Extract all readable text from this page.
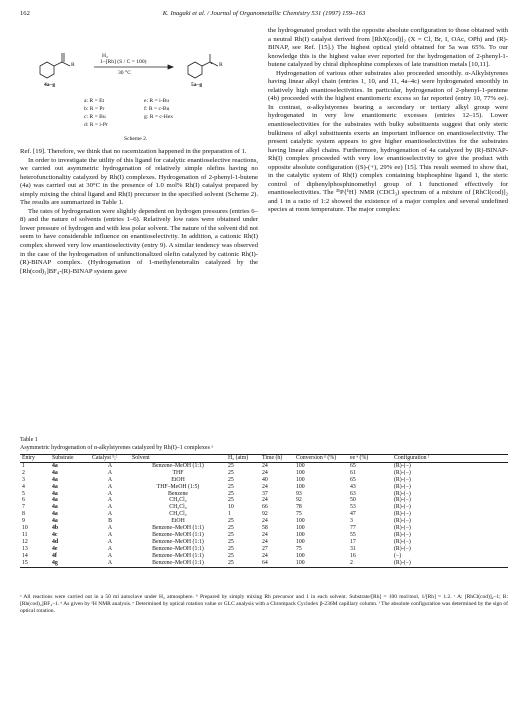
162	K. Inagaki et al. / Journal of Organometallic Chemistry 531 (1997) 159–163
R
4a–g
H₂
1–[Rh] (S / C = 100)
30 °C
R
5a–g
a: R = Et
b: R = Pr
c: R = Bu
d: R = i-Pr
e: R = i-Bu
f: R = c-Bu
g: R = c-Hex
Scheme 2.

the hydrogenated product with the opposite absolute configuration to those obtained with a neutral Rh(I) catalyst derived from [RhX(cod)]₂ (X = Cl, Br, I, OAc, OPh) and (R)-BINAP, see Ref. [15].) The highest optical yield obtained for 5a was 65%. To our knowledge this is the highest value ever reported for the hydrogenation of 2-phenyl-1-butene catalyzed by chiral diphosphine complexes of late transition metals [10,11].

Hydrogenation of various other substrates also proceeded smoothly. α-Alkylstyrenes having linear alkyl chain (entries 1, 10, and 11, 4a–4c) were hydrogenated smoothly in relatively high enantioselectivities. In particular, hydrogenation of 2-phenyl-1-pentene (4b) proceeded with the highest enantiomeric excess so far reported (entry 10, 77% ee). In contrast, α-alkylstyrenes bearing a secondary or tertiary alkyl group were hydrogenated in very low enantiomeric excesses (entries 12–15). Lower enantioselectivities for the substrates with bulky substituents suggest that only steric bulkiness of alkyl substituents exerts an important influence on enantioselectivity. The present catalytic system appears to give higher enantioselectivities for the substrates having linear alkyl chains. Furthermore, hydrogenation of 4a catalyzed by (R)-BINAP-Rh(I) complex proceeded with very low enantioselectivity to give the product with opposite absolute configuration ((S)-(+), 29% ee) [15]. This result seemed to show that, in the catalytic system of Rh(I) complex containing bisphosphine ligand 1, the steric control of diphenylphosphinomethyl group of 1 functioned effectively for enantioselectivities. The ³¹P{¹H} NMR (CDCl₃) spectrum of a mixture of [RhCl(cod)]₂ and 1 in a ratio of 1:2 showed the existence of a major complex and several undefined species at room temperature. The major complex:

Ref. [19]. Therefore, we think that no racemization happened in the preparation of 1.

In order to investigate the utility of this ligand for catalytic enantioselective reactions, we carried out asymmetric hydrogenation of relatively simple olefins having no heterofunctionality catalyzed by Rh(I) complexes. Hydrogenation of 2-phenyl-1-butene (4a) was carried out at 30°C in the presence of 1.0 mol% Rh(I) catalyst prepared by simply mixing the chiral ligand and Rh(I) precursor in the specified solvent (Scheme 2). The results are summarized in Table 1.

The rates of hydrogenation were slightly dependent on hydrogen pressures (entries 6–8) and the nature of solvents (entries 1–6). Relatively low rates were obtained under lower pressure of hydrogen and with less polar solvent. The nature of the solvent did not seem to have considerable influence on enantioselectivity. In addition, a cationic Rh(I) complex showed very low enantioselectivity (entry 9). A similar tendency was observed in the case of the hydrogenation of unfunctionalized olefin catalyzed by cationic Rh(I)-(R)-BINAP complex. (Hydrogenation of 1-methyleneteralin catalyzed by the [Rh(cod)₂]BF₄-(R)-BINAP system gave

Table 1
Asymmetric hydrogenation of α-alkylstyrenes catalyzed by Rh(I)–1 complexes ᵃ
Entry	Substrate	Catalyst ᵇ,ᶜ	Solvent	H₂ (atm)	Time (h)	Conversion ᵈ (%)	ee ᵉ (%)	Configuration ᶠ
1	4a	A	Benzene–MeOH (1:1)	25	24	100	65	(R)-(−)
2	4a	A	THF	25	24	100	61	(R)-(−)
3	4a	A	EtOH	25	40	100	65	(R)-(−)
4	4a	A	THF–MeOH (1:5)	25	24	100	43	(R)-(−)
5	4a	A	Benzene	25	37	93	63	(R)-(−)
6	4a	A	CH₂Cl₂	25	24	92	50	(R)-(−)
7	4a	A	CH₂Cl₂	10	66	78	53	(R)-(−)
8	4a	A	CH₂Cl₂	1	92	75	47	(R)-(−)
9	4a	B	EtOH	25	24	100	3	(R)-(−)
10	4b	A	Benzene–MeOH (1:1)	25	58	100	77	(R)-(−)
11	4c	A	Benzene–MeOH (1:1)	25	24	100	55	(R)-(−)
12	4d	A	Benzene–MeOH (1:1)	25	24	100	17	(R)-(−)
13	4e	A	Benzene–MeOH (1:1)	25	27	75	31	(R)-(−)
14	4f	A	Benzene–MeOH (1:1)	25	24	100	16	(−)
15	4g	A	Benzene–MeOH (1:1)	25	64	100	2	(R)-(−)
ᵃ All reactions were carried out in a 50 ml autoclave under H₂ atmosphere. ᵇ Prepared by simply mixing Rh precursor and 1 in each solvent. Substrate/[Rh] = 100 mol/mol, 1/[Rh] = 1.2. ᶜ A: [RhCl(cod)]₂–1; B: [Rh(cod)₂]BF₄–1. ᵈ As given by ¹H NMR analysis. ᵉ Determined by optical rotation value or GLC analysis with a Chrompack Cyclodex β-236M capillary column. ᶠ The absolute configuration was determined by the sign of optical rotation.
